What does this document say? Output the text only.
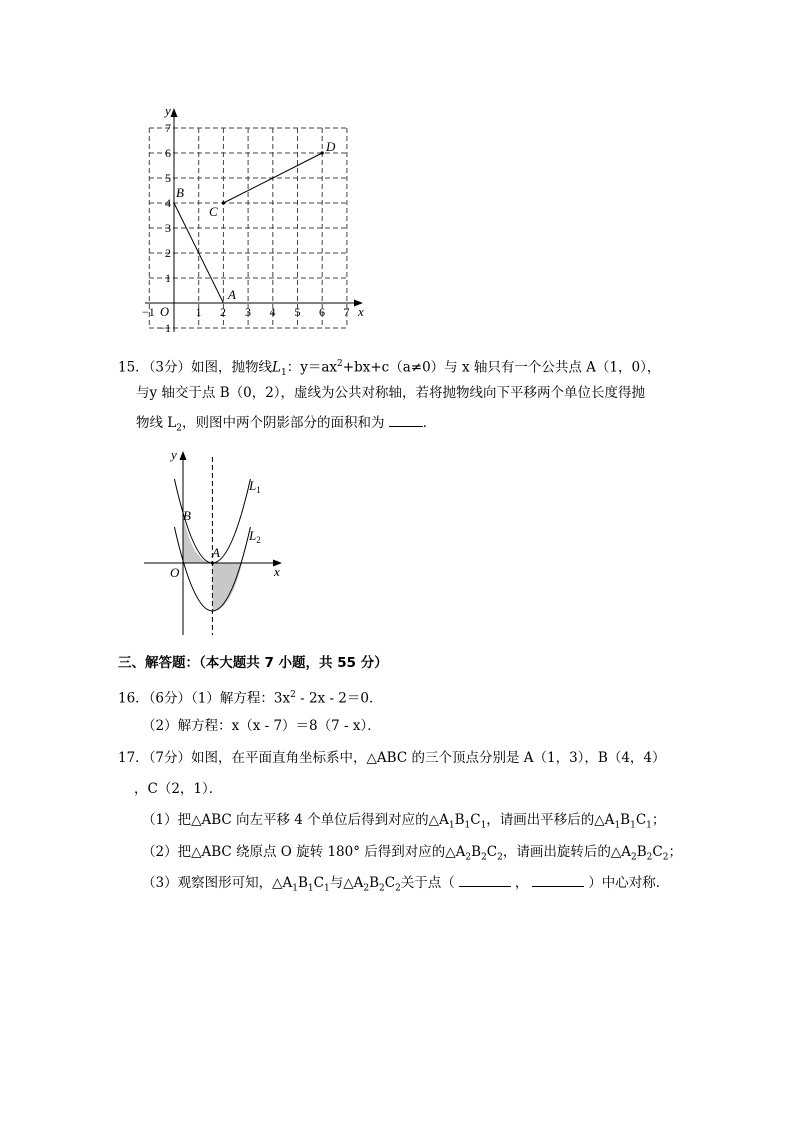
x
y
O
−1	1 2 3 4 5 6 7
−1
1
2
3
4
5
6
7
A
B
C
D
15．（3分）如图，抛物线$L_1$：$y=ax^2+bx+c(a\ne 0)$与 x 轴只有一个公共点 A（1，0），
与y 轴交于点 B（0，2），虚线为公共对称轴，若将抛物线向下平移两个单位长度得抛
物线 $L_2$，则图中两个阴影部分的面积和为	．
x
y
O
B
A
$L_1$
$L_2$
三、解答题：（本大题共 7 小题，共 55 分）
16．（6分）（1）解方程：$3x^2 - 2x - 2=0$．
（2）解方程：x（x - 7）＝8（7 - x）．
17．（7分）如图，在平面直角坐标系中，△ABC 的三个顶点分别是 A（1，3），B（4，4）
，C（2，1）．
（1）把△ABC 向左平移 4 个单位后得到对应的$\triangle A_1B_1C_1$，请画出平移后的$\triangle A_1B_1C_1$；
（2）把△ABC 绕原点 O 旋转 180° 后得到对应的$\triangle A_2B_2C_2$，请画出旋转后的$\triangle A_2B_2C_2$；
（3）观察图形可知，$\triangle A_1B_1C_1$与$\triangle A_2B_2C_2$关于点（	，	）中心对称．
